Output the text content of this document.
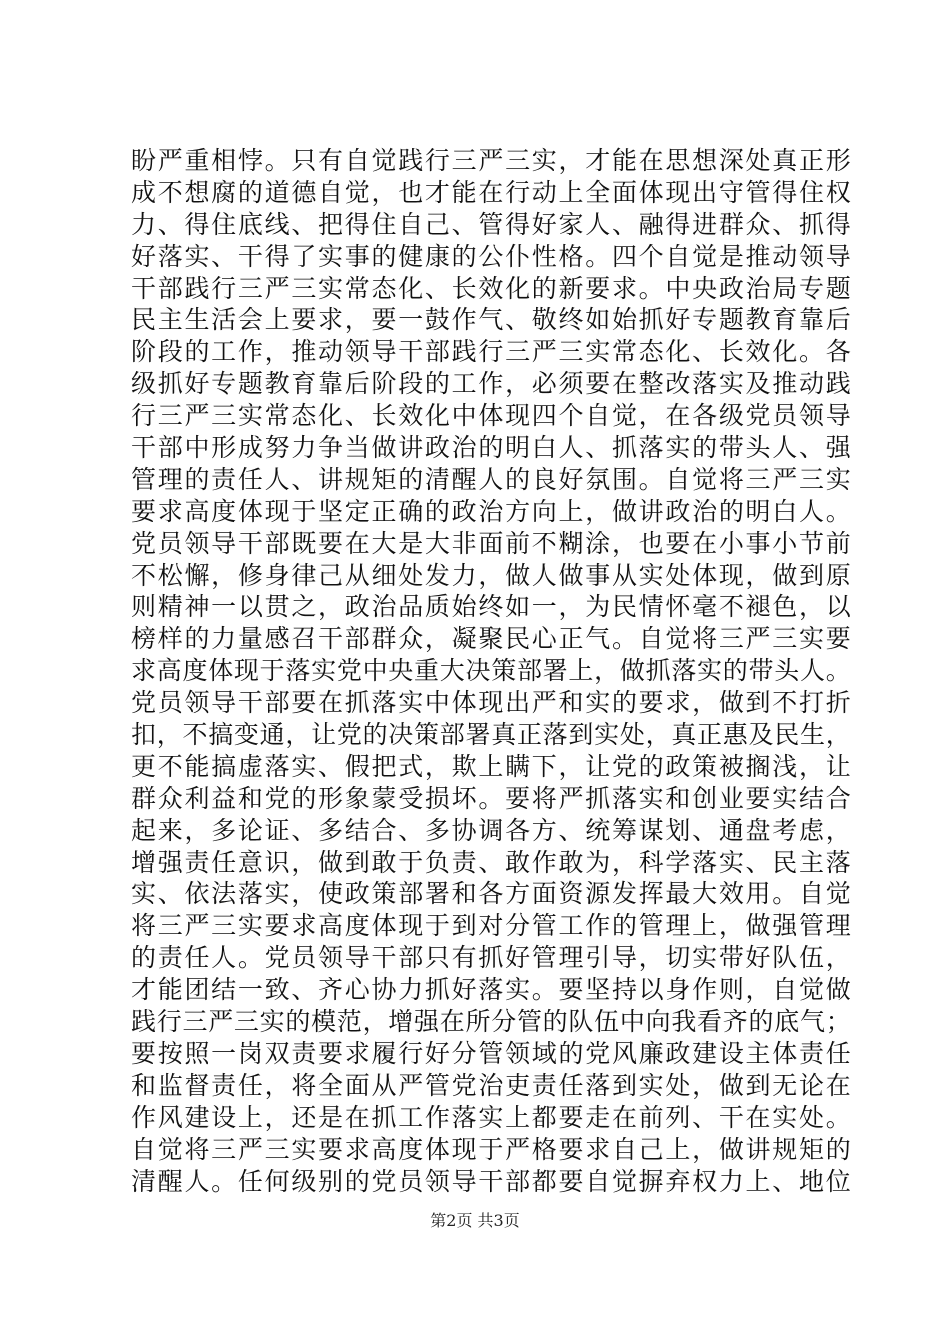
盼严重相悖。只有自觉践行三严三实，才能在思想深处真正形
成不想腐的道德自觉，也才能在行动上全面体现出守管得住权
力、得住底线、把得住自己、管得好家人、融得进群众、抓得
好落实、干得了实事的健康的公仆性格。四个自觉是推动领导
干部践行三严三实常态化、长效化的新要求。中央政治局专题
民主生活会上要求，要一鼓作气、敬终如始抓好专题教育靠后
阶段的工作，推动领导干部践行三严三实常态化、长效化。各
级抓好专题教育靠后阶段的工作，必须要在整改落实及推动践
行三严三实常态化、长效化中体现四个自觉，在各级党员领导
干部中形成努力争当做讲政治的明白人、抓落实的带头人、强
管理的责任人、讲规矩的清醒人的良好氛围。自觉将三严三实
要求高度体现于坚定正确的政治方向上，做讲政治的明白人。
党员领导干部既要在大是大非面前不糊涂，也要在小事小节前
不松懈，修身律己从细处发力，做人做事从实处体现，做到原
则精神一以贯之，政治品质始终如一，为民情怀毫不褪色，以
榜样的力量感召干部群众，凝聚民心正气。自觉将三严三实要
求高度体现于落实党中央重大决策部署上，做抓落实的带头人。
党员领导干部要在抓落实中体现出严和实的要求，做到不打折
扣，不搞变通，让党的决策部署真正落到实处，真正惠及民生，
更不能搞虚落实、假把式，欺上瞒下，让党的政策被搁浅，让
群众利益和党的形象蒙受损坏。要将严抓落实和创业要实结合
起来，多论证、多结合、多协调各方、统筹谋划、通盘考虑，
增强责任意识，做到敢于负责、敢作敢为，科学落实、民主落
实、依法落实，使政策部署和各方面资源发挥最大效用。自觉
将三严三实要求高度体现于到对分管工作的管理上，做强管理
的责任人。党员领导干部只有抓好管理引导，切实带好队伍，
才能团结一致、齐心协力抓好落实。要坚持以身作则，自觉做
践行三严三实的模范，增强在所分管的队伍中向我看齐的底气；
要按照一岗双责要求履行好分管领域的党风廉政建设主体责任
和监督责任，将全面从严管党治吏责任落到实处，做到无论在
作风建设上，还是在抓工作落实上都要走在前列、干在实处。
自觉将三严三实要求高度体现于严格要求自己上，做讲规矩的
清醒人。任何级别的党员领导干部都要自觉摒弃权力上、地位
第2页 共3页
